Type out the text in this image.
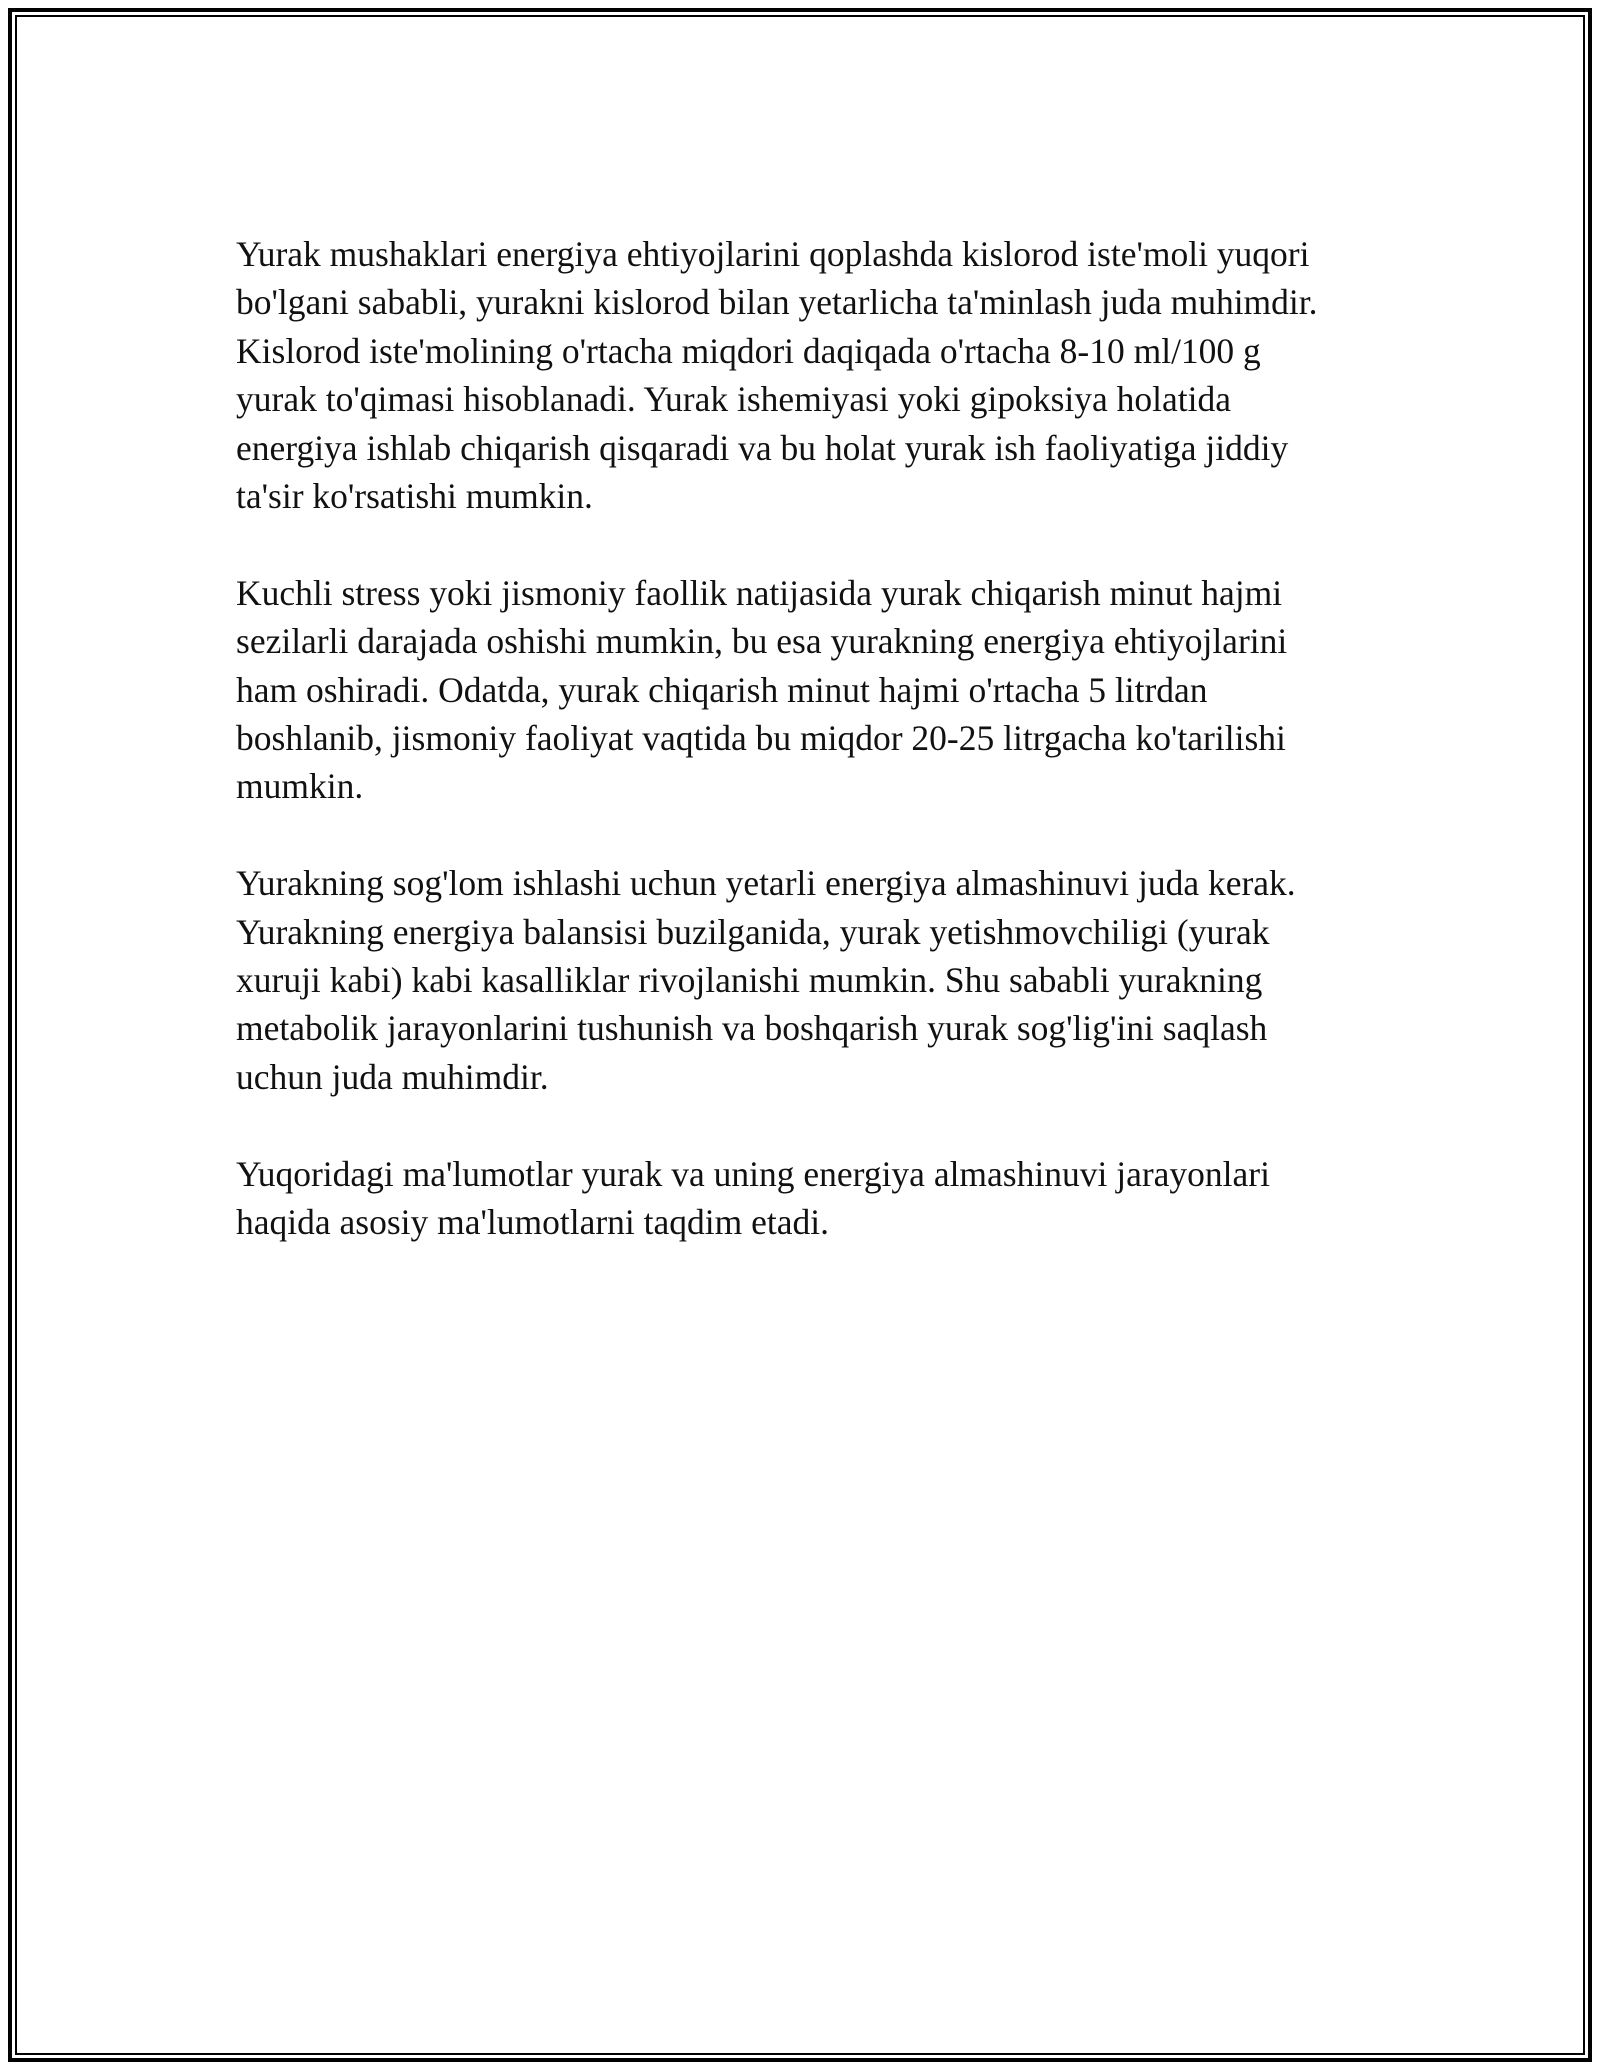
Yurak mushaklari energiya ehtiyojlarini qoplashda kislorod iste'moli yuqori
bo'lgani sababli, yurakni kislorod bilan yetarlicha ta'minlash juda muhimdir.
Kislorod iste'molining o'rtacha miqdori daqiqada o'rtacha 8-10 ml/100 g
yurak to'qimasi hisoblanadi. Yurak ishemiyasi yoki gipoksiya holatida
energiya ishlab chiqarish qisqaradi va bu holat yurak ish faoliyatiga jiddiy
ta'sir ko'rsatishi mumkin.

Kuchli stress yoki jismoniy faollik natijasida yurak chiqarish minut hajmi
sezilarli darajada oshishi mumkin, bu esa yurakning energiya ehtiyojlarini
ham oshiradi. Odatda, yurak chiqarish minut hajmi o'rtacha 5 litrdan
boshlanib, jismoniy faoliyat vaqtida bu miqdor 20-25 litrgacha ko'tarilishi
mumkin.

Yurakning sog'lom ishlashi uchun yetarli energiya almashinuvi juda kerak.
Yurakning energiya balansisi buzilganida, yurak yetishmovchiligi (yurak
xuruji kabi) kabi kasalliklar rivojlanishi mumkin. Shu sababli yurakning
metabolik jarayonlarini tushunish va boshqarish yurak sog'lig'ini saqlash
uchun juda muhimdir.

Yuqoridagi ma'lumotlar yurak va uning energiya almashinuvi jarayonlari
haqida asosiy ma'lumotlarni taqdim etadi.
